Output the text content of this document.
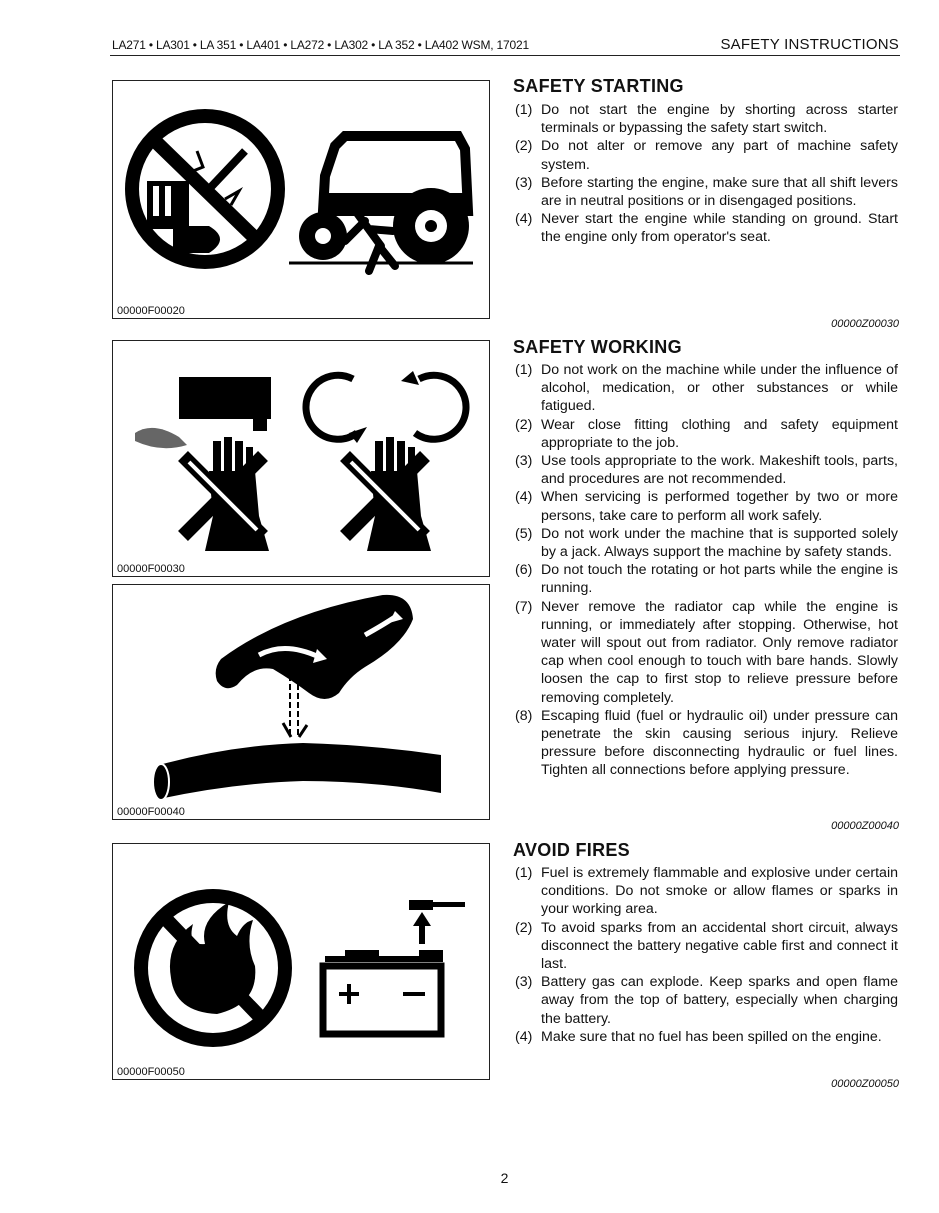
LA271 • LA301 • LA 351 • LA401 • LA272 • LA302 • LA 352 • LA402 WSM, 17021	SAFETY INSTRUCTIONS
00000F00020
00000F00030
00000F00040
00000F00050
SAFETY STARTING
(1) Do not start the engine by shorting across starter terminals or bypassing the safety start switch.
(2) Do not alter or remove any part of machine safety system.
(3) Before starting the engine, make sure that all shift levers are in neutral positions or in disengaged positions.
(4) Never start the engine while standing on ground. Start the engine only from operator's seat.
00000Z00030
SAFETY WORKING
(1) Do not work on the machine while under the influence of alcohol, medication, or other substances or while fatigued.
(2) Wear close fitting clothing and safety equipment appropriate to the job.
(3) Use tools appropriate to the work. Makeshift tools, parts, and procedures are not recommended.
(4) When servicing is performed together by two or more persons, take care to perform all work safely.
(5) Do not work under the machine that is supported solely by a jack. Always support the machine by safety stands.
(6) Do not touch the rotating or hot parts while the engine is running.
(7) Never remove the radiator cap while the engine is running, or immediately after stopping. Otherwise, hot water will spout out from radiator. Only remove radiator cap when cool enough to touch with bare hands. Slowly loosen the cap to first stop to relieve pressure before removing completely.
(8) Escaping fluid (fuel or hydraulic oil) under pressure can penetrate the skin causing serious injury. Relieve pressure before disconnecting hydraulic or fuel lines. Tighten all connections before applying pressure.
00000Z00040
AVOID FIRES
(1) Fuel is extremely flammable and explosive under certain conditions. Do not smoke or allow flames or sparks in your working area.
(2) To avoid sparks from an accidental short circuit, always disconnect the battery negative cable first and connect it last.
(3) Battery gas can explode. Keep sparks and open flame away from the top of battery, especially when charging the battery.
(4) Make sure that no fuel has been spilled on the engine.
00000Z00050
2
